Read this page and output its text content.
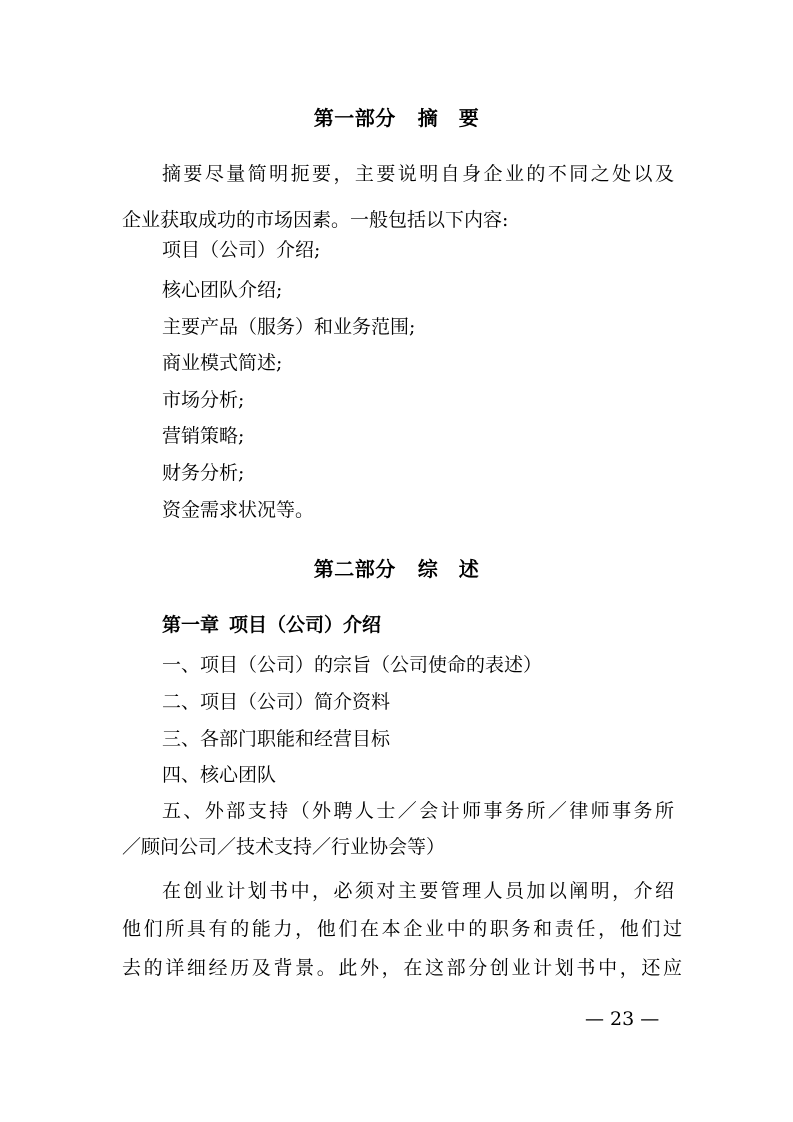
第一部分 摘　要
摘要尽量简明扼要，主要说明自身企业的不同之处以及
企业获取成功的市场因素。一般包括以下内容:
项目（公司）介绍;
核心团队介绍;
主要产品（服务）和业务范围;
商业模式简述;
市场分析;
营销策略;
财务分析;
资金需求状况等。
第二部分 综　述
第一章 项目（公司）介绍
一、项目（公司）的宗旨（公司使命的表述）
二、项目（公司）简介资料
三、各部门职能和经营目标
四、核心团队
五、外部支持（外聘人士／会计师事务所／律师事务所
／顾问公司／技术支持／行业协会等）
在创业计划书中，必须对主要管理人员加以阐明，介绍
他们所具有的能力，他们在本企业中的职务和责任，他们过
去的详细经历及背景。此外，在这部分创业计划书中，还应
— 23 —
